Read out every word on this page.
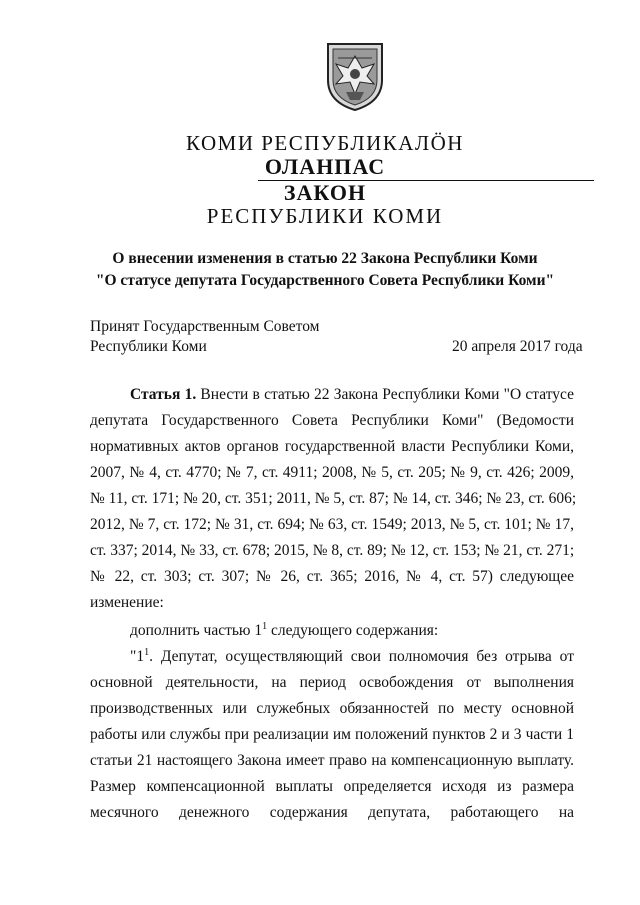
КОМИ РЕСПУБЛИКАЛӦН
ОЛАНПАС
ЗАКОН
РЕСПУБЛИКИ КОМИ
О внесении изменения в статью 22 Закона Республики Коми
"О статусе депутата Государственного Совета Республики Коми"
Принят Государственным Советом
Республики Коми	20 апреля 2017 года
Статья 1. Внести в статью 22 Закона Республики Коми "О статусе
депутата Государственного Совета Республики Коми" (Ведомости
нормативных актов органов государственной власти Республики Коми,
2007, № 4, ст. 4770; № 7, ст. 4911; 2008, № 5, ст. 205; № 9, ст. 426; 2009,
№ 11, ст. 171; № 20, ст. 351; 2011, № 5, ст. 87; № 14, ст. 346; № 23, ст. 606;
2012, № 7, ст. 172; № 31, ст. 694; № 63, ст. 1549; 2013, № 5, ст. 101; № 17,
ст. 337; 2014, № 33, ст. 678; 2015, № 8, ст. 89; № 12, ст. 153; № 21, ст. 271;
№ 22, ст. 303; ст. 307; № 26, ст. 365; 2016, № 4, ст. 57) следующее
изменение:
дополнить частью $1^1$ следующего содержания:
"$1^1$. Депутат, осуществляющий свои полномочия без отрыва от
основной деятельности, на период освобождения от выполнения
производственных или служебных обязанностей по месту основной
работы или службы при реализации им положений пунктов 2 и 3 части 1
статьи 21 настоящего Закона имеет право на компенсационную выплату.
Размер компенсационной выплаты определяется исходя из размера
месячного денежного содержания депутата, работающего на
